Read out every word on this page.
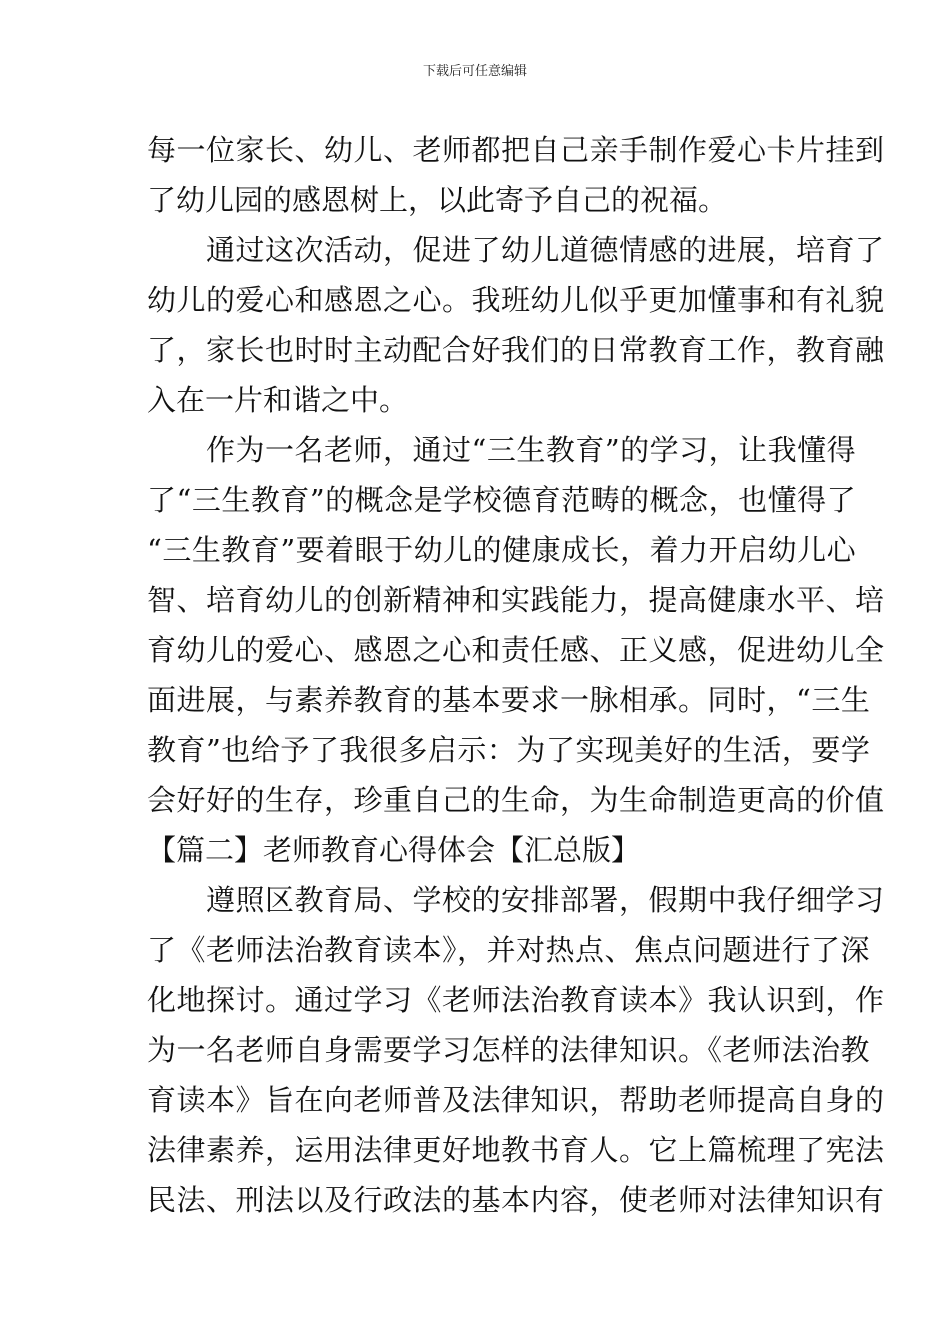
下载后可任意编辑
每一位家长、幼儿、老师都把自己亲手制作爱心卡片挂到
了幼儿园的感恩树上，以此寄予自己的祝福。
　　通过这次活动，促进了幼儿道德情感的进展，培育了
幼儿的爱心和感恩之心。我班幼儿似乎更加懂事和有礼貌
了，家长也时时主动配合好我们的日常教育工作，教育融
入在一片和谐之中。
　　作为一名老师，通过“三生教育”的学习，让我懂得
了“三生教育”的概念是学校德育范畴的概念，也懂得了
“三生教育”要着眼于幼儿的健康成长，着力开启幼儿心
智、培育幼儿的创新精神和实践能力，提高健康水平、培
育幼儿的爱心、感恩之心和责任感、正义感，促进幼儿全
面进展，与素养教育的基本要求一脉相承。同时，“三生
教育”也给予了我很多启示：为了实现美好的生活，要学
会好好的生存，珍重自己的生命，为生命制造更高的价值
【篇二】老师教育心得体会【汇总版】
　　遵照区教育局、学校的安排部署，假期中我仔细学习
了《老师法治教育读本》，并对热点、焦点问题进行了深
化地探讨。通过学习《老师法治教育读本》我认识到，作
为一名老师自身需要学习怎样的法律知识。《老师法治教
育读本》旨在向老师普及法律知识，帮助老师提高自身的
法律素养，运用法律更好地教书育人。它上篇梳理了宪法
民法、刑法以及行政法的基本内容，使老师对法律知识有
